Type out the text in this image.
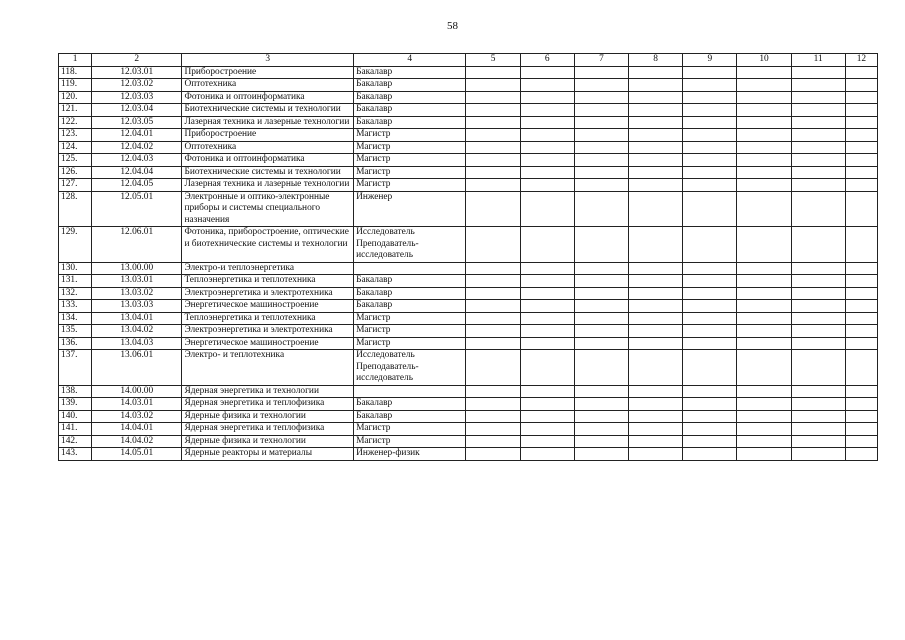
58
1	2	3	4	5	6	7	8	9	10	11	12
118.	12.03.01	Приборостроение	Бакалавр								
119.	12.03.02	Оптотехника	Бакалавр								
120.	12.03.03	Фотоника и оптоинформатика	Бакалавр								
121.	12.03.04	Биотехнические системы и технологии	Бакалавр								
122.	12.03.05	Лазерная техника и лазерные технологии	Бакалавр								
123.	12.04.01	Приборостроение	Магистр								
124.	12.04.02	Оптотехника	Магистр								
125.	12.04.03	Фотоника и оптоинформатика	Магистр								
126.	12.04.04	Биотехнические системы и технологии	Магистр								
127.	12.04.05	Лазерная техника и лазерные технологии	Магистр								
128.	12.05.01	Электронные и оптико-электронные приборы и системы специального назначения	Инженер								
129.	12.06.01	Фотоника, приборостроение, оптические и биотехнические системы и технологии	Исследователь Преподаватель-исследователь								
130.	13.00.00	Электро-и теплоэнергетика									
131.	13.03.01	Теплоэнергетика и теплотехника	Бакалавр								
132.	13.03.02	Электроэнергетика и электротехника	Бакалавр								
133.	13.03.03	Энергетическое машиностроение	Бакалавр								
134.	13.04.01	Теплоэнергетика и теплотехника	Магистр								
135.	13.04.02	Электроэнергетика и электротехника	Магистр								
136.	13.04.03	Энергетическое машиностроение	Магистр								
137.	13.06.01	Электро- и теплотехника	Исследователь Преподаватель-исследователь								
138.	14.00.00	Ядерная энергетика и технологии									
139.	14.03.01	Ядерная энергетика и теплофизика	Бакалавр								
140.	14.03.02	Ядерные физика и технологии	Бакалавр								
141.	14.04.01	Ядерная энергетика и теплофизика	Магистр								
142.	14.04.02	Ядерные физика и технологии	Магистр								
143.	14.05.01	Ядерные реакторы и материалы	Инженер-физик								
